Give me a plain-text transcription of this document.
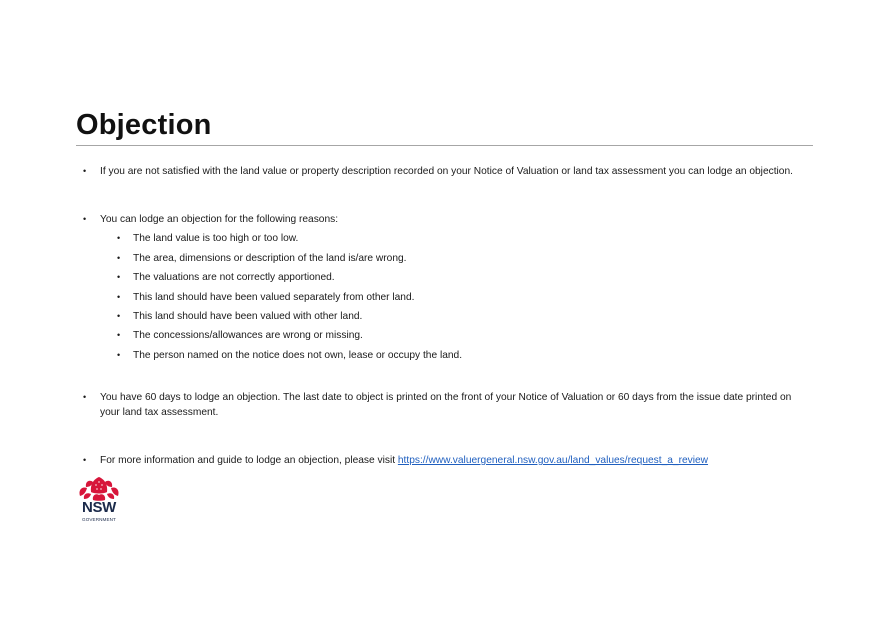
Objection
• If you are not satisfied with the land value or property description recorded on your Notice of Valuation or land tax assessment you can lodge an objection.
• You can lodge an objection for the following reasons:
• The land value is too high or too low.
• The area, dimensions or description of the land is/are wrong.
• The valuations are not correctly apportioned.
• This land should have been valued separately from other land.
• This land should have been valued with other land.
• The concessions/allowances are wrong or missing.
• The person named on the notice does not own, lease or occupy the land.
• You have 60 days to lodge an objection. The last date to object is printed on the front of your Notice of Valuation or 60 days from the issue date printed on your land tax assessment.
• For more information and guide to lodge an objection, please visit https://www.valuergeneral.nsw.gov.au/land_values/request_a_review
NSW
GOVERNMENT
